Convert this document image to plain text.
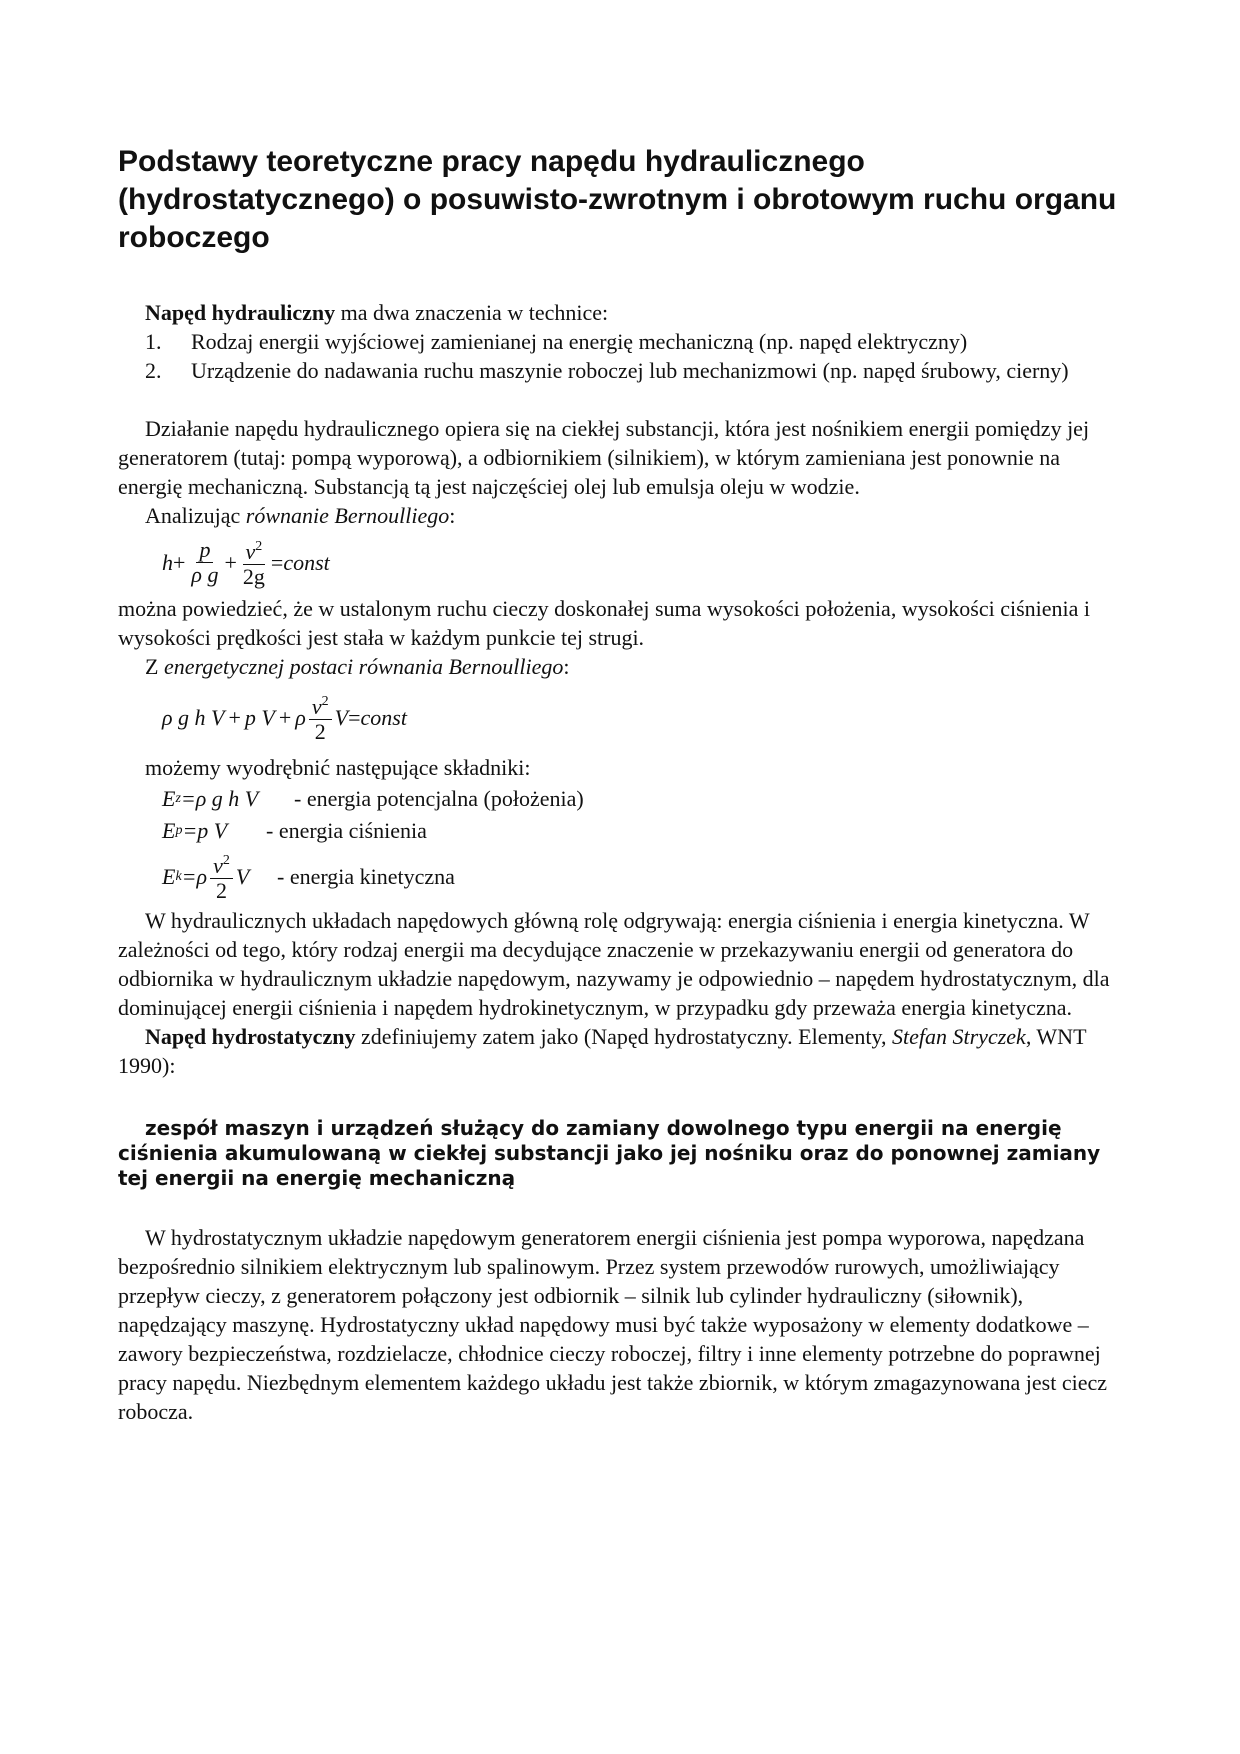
Podstawy teoretyczne pracy napędu hydraulicznego (hydrostatycznego) o posuwisto-zwrotnym i obrotowym ruchu organu roboczego

Napęd hydrauliczny ma dwa znaczenia w technice:

1.	Rodzaj energii wyjściowej zamienianej na energię mechaniczną (np. napęd elektryczny)
2. Urządzenie do nadawania ruchu maszynie roboczej lub mechanizmowi (np. napęd śrubowy, cierny)

Działanie napędu hydraulicznego opiera się na ciekłej substancji, która jest nośnikiem energii pomiędzy jej generatorem (tutaj: pompą wyporową), a odbiornikiem (silnikiem), w którym zamieniana jest ponownie na energię mechaniczną. Substancją tą jest najczęściej olej lub emulsja oleju w wodzie.

Analizując równanie Bernoulliego:

$h + \frac{p}{\text{ρ g}} + \frac{v^2}{2g}$ = const

można powiedzieć, że w ustalonym ruchu cieczy doskonałej suma wysokości położenia, wysokości ciśnienia i wysokości prędkości jest stała w każdym punkcie tej strugi.

Z energetycznej postaci równania Bernoulliego:

ρ g h V + p V + ρ $\frac{v^2}{2}$ V = const

możemy wyodrębnić następujące składniki:

E z =ρ g h V - energia potencjalna (położenia)
E p =p V - energia ciśnienia
E $k =\rho \frac{v^2}{2}$ V - energia kinetyczna

W hydraulicznych układach napędowych główną rolę odgrywają: energia ciśnienia i energia kinetyczna. W zależności od tego, który rodzaj energii ma decydujące znaczenie w przekazywaniu energii od generatora do odbiornika w hydraulicznym układzie napędowym, nazywamy je odpowiednio – napędem hydrostatycznym, dla dominującej energii ciśnienia i napędem hydrokinetycznym, w przypadku gdy przeważa energia kinetyczna.

Napęd hydrostatyczny zdefiniujemy zatem jako (Napęd hydrostatyczny. Elementy, Stefan Stryczek, WNT 1990):

zespół maszyn i urządzeń służący do zamiany dowolnego typu energii na energię ciśnienia akumulowaną w ciekłej substancji jako jej nośniku oraz do ponownej zamiany tej energii na energię mechaniczną

W hydrostatycznym układzie napędowym generatorem energii ciśnienia jest pompa wyporowa, napędzana bezpośrednio silnikiem elektrycznym lub spalinowym. Przez system przewodów rurowych, umożliwiający przepływ cieczy, z generatorem połączony jest odbiornik – silnik lub cylinder hydrauliczny (siłownik), napędzający maszynę. Hydrostatyczny układ napędowy musi być także wyposażony w elementy dodatkowe – zawory bezpieczeństwa, rozdzielacze, chłodnice cieczy roboczej, filtry i inne elementy potrzebne do poprawnej pracy napędu. Niezbędnym elementem każdego układu jest także zbiornik, w którym zmagazynowana jest ciecz robocza.
